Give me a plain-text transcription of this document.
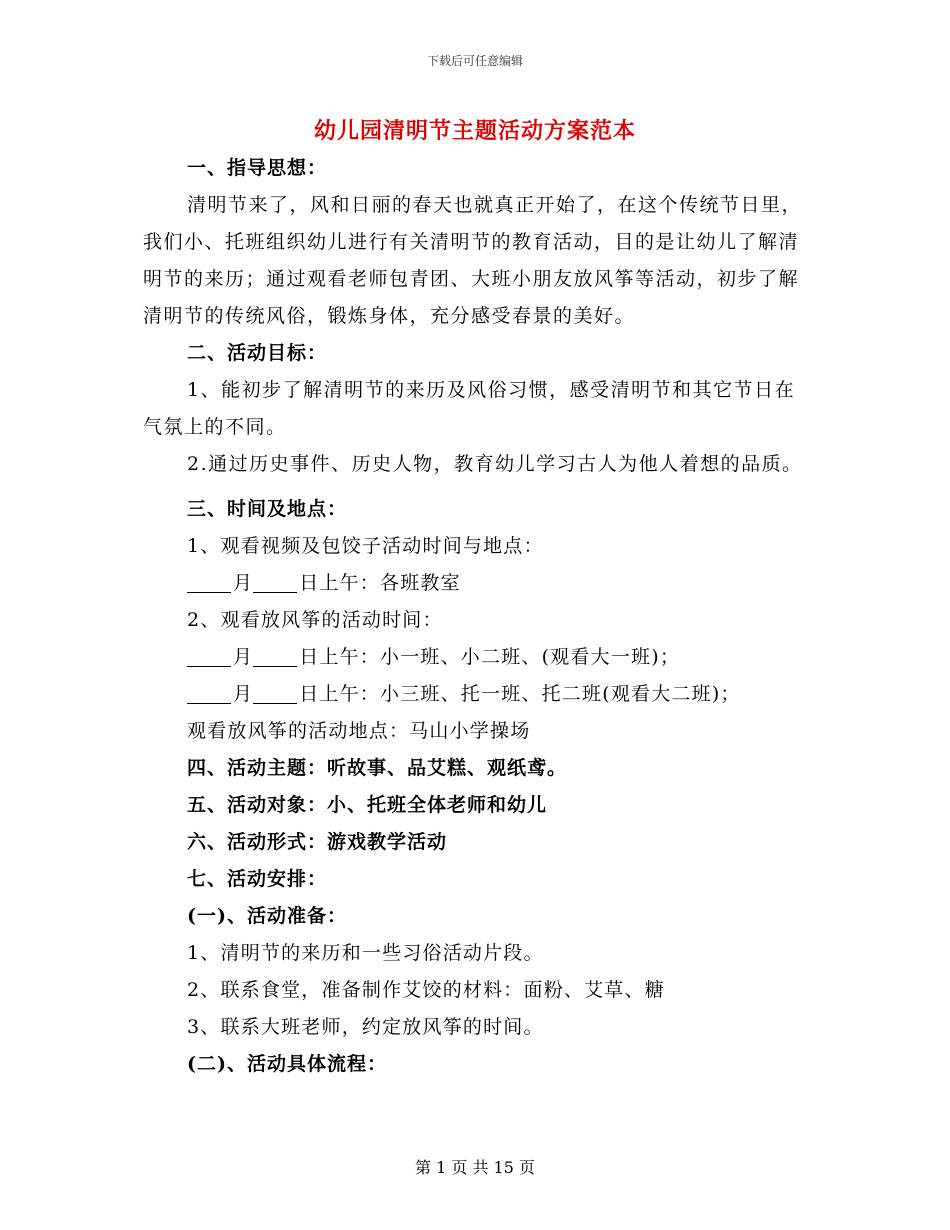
下载后可任意编辑
幼儿园清明节主题活动方案范本

一、指导思想：

清明节来了，风和日丽的春天也就真正开始了，在这个传统节日里，我们小、托班组织幼儿进行有关清明节的教育活动，目的是让幼儿了解清明节的来历；通过观看老师包青团、大班小朋友放风筝等活动，初步了解清明节的传统风俗，锻炼身体，充分感受春景的美好。

二、活动目标：

1、能初步了解清明节的来历及风俗习惯，感受清明节和其它节日在气氛上的不同。

2.通过历史事件、历史人物，教育幼儿学习古人为他人着想的品质。

三、时间及地点：

1、观看视频及包饺子活动时间与地点：

月 日上午：各班教室

2、观看放风筝的活动时间：

月 日上午：小一班、小二班、(观看大一班)；

月 日上午：小三班、托一班、托二班(观看大二班)；

观看放风筝的活动地点：马山小学操场

四、活动主题：听故事、品艾糕、观纸鸢。

五、活动对象：小、托班全体老师和幼儿

六、活动形式：游戏教学活动

七、活动安排：

(一)、活动准备：

1、清明节的来历和一些习俗活动片段。

2、联系食堂，准备制作艾饺的材料：面粉、艾草、糖

3、联系大班老师，约定放风筝的时间。

(二)、活动具体流程：

第 1 页 共 15 页
